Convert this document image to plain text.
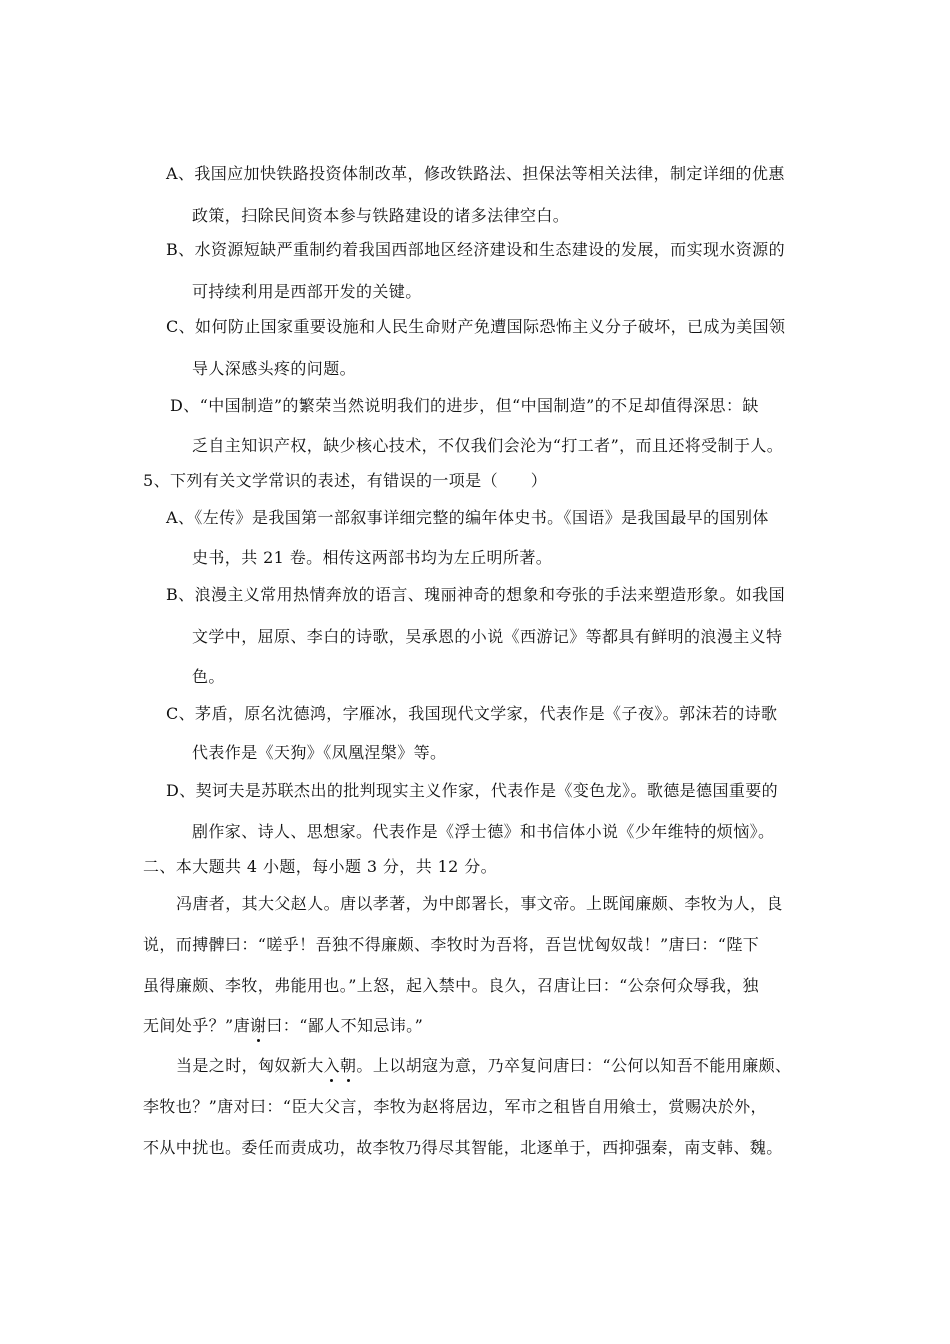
A、我国应加快铁路投资体制改革，修改铁路法、担保法等相关法律，制定详细的优惠
政策，扫除民间资本参与铁路建设的诸多法律空白。
B、水资源短缺严重制约着我国西部地区经济建设和生态建设的发展，而实现水资源的
可持续利用是西部开发的关键。
C、如何防止国家重要设施和人民生命财产免遭国际恐怖主义分子破坏，已成为美国领
导人深感头疼的问题。
D、“中国制造”的繁荣当然说明我们的进步，但“中国制造”的不足却值得深思：缺
乏自主知识产权，缺少核心技术，不仅我们会沦为“打工者”，而且还将受制于人。
5、下列有关文学常识的表述，有错误的一项是（　　）
A、《左传》是我国第一部叙事详细完整的编年体史书。《国语》是我国最早的国别体
史书，共 21 卷。相传这两部书均为左丘明所著。
B、浪漫主义常用热情奔放的语言、瑰丽神奇的想象和夸张的手法来塑造形象。如我国
文学中，屈原、李白的诗歌，吴承恩的小说《西游记》等都具有鲜明的浪漫主义特
色。
C、茅盾，原名沈德鸿，字雁冰，我国现代文学家，代表作是《子夜》。郭沫若的诗歌
代表作是《天狗》《凤凰涅槃》等。
D、契诃夫是苏联杰出的批判现实主义作家，代表作是《变色龙》。歌德是德国重要的
剧作家、诗人、思想家。代表作是《浮士德》和书信体小说《少年维特的烦恼》。
二、本大题共 4 小题，每小题 3 分，共 12 分。
冯唐者，其大父赵人。唐以孝著，为中郎署长，事文帝。上既闻廉颇、李牧为人，良
说，而搏髀曰：“嗟乎！吾独不得廉颇、李牧时为吾将，吾岂忧匈奴哉！”唐曰：“陛下
虽得廉颇、李牧，弗能用也。”上怒，起入禁中。良久，召唐让曰：“公奈何众辱我，独
无间处乎？”唐谢曰：“鄙人不知忌讳。”
当是之时，匈奴新大入朝。上以胡寇为意，乃卒复问唐曰：“公何以知吾不能用廉颇、
李牧也？”唐对曰：“臣大父言，李牧为赵将居边，军市之租皆自用飨士，赏赐决於外，
不从中扰也。委任而责成功，故李牧乃得尽其智能，北逐单于，西抑强秦，南支韩、魏。
